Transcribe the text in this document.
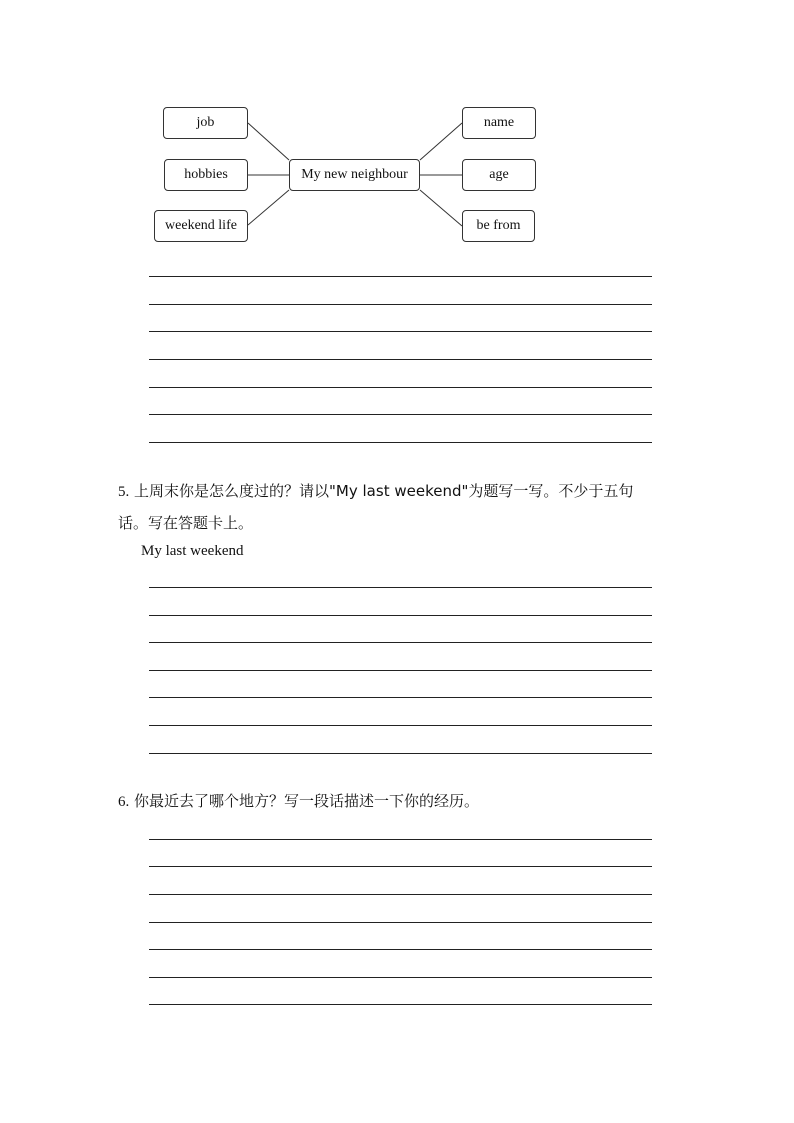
My new neighbour
job
hobbies
weekend life
name
age
be from
5. 上周末你是怎么度过的？请以"My last weekend"为题写一写。不少于五句话。写在答题卡上。
My last weekend
6. 你最近去了哪个地方？写一段话描述一下你的经历。
